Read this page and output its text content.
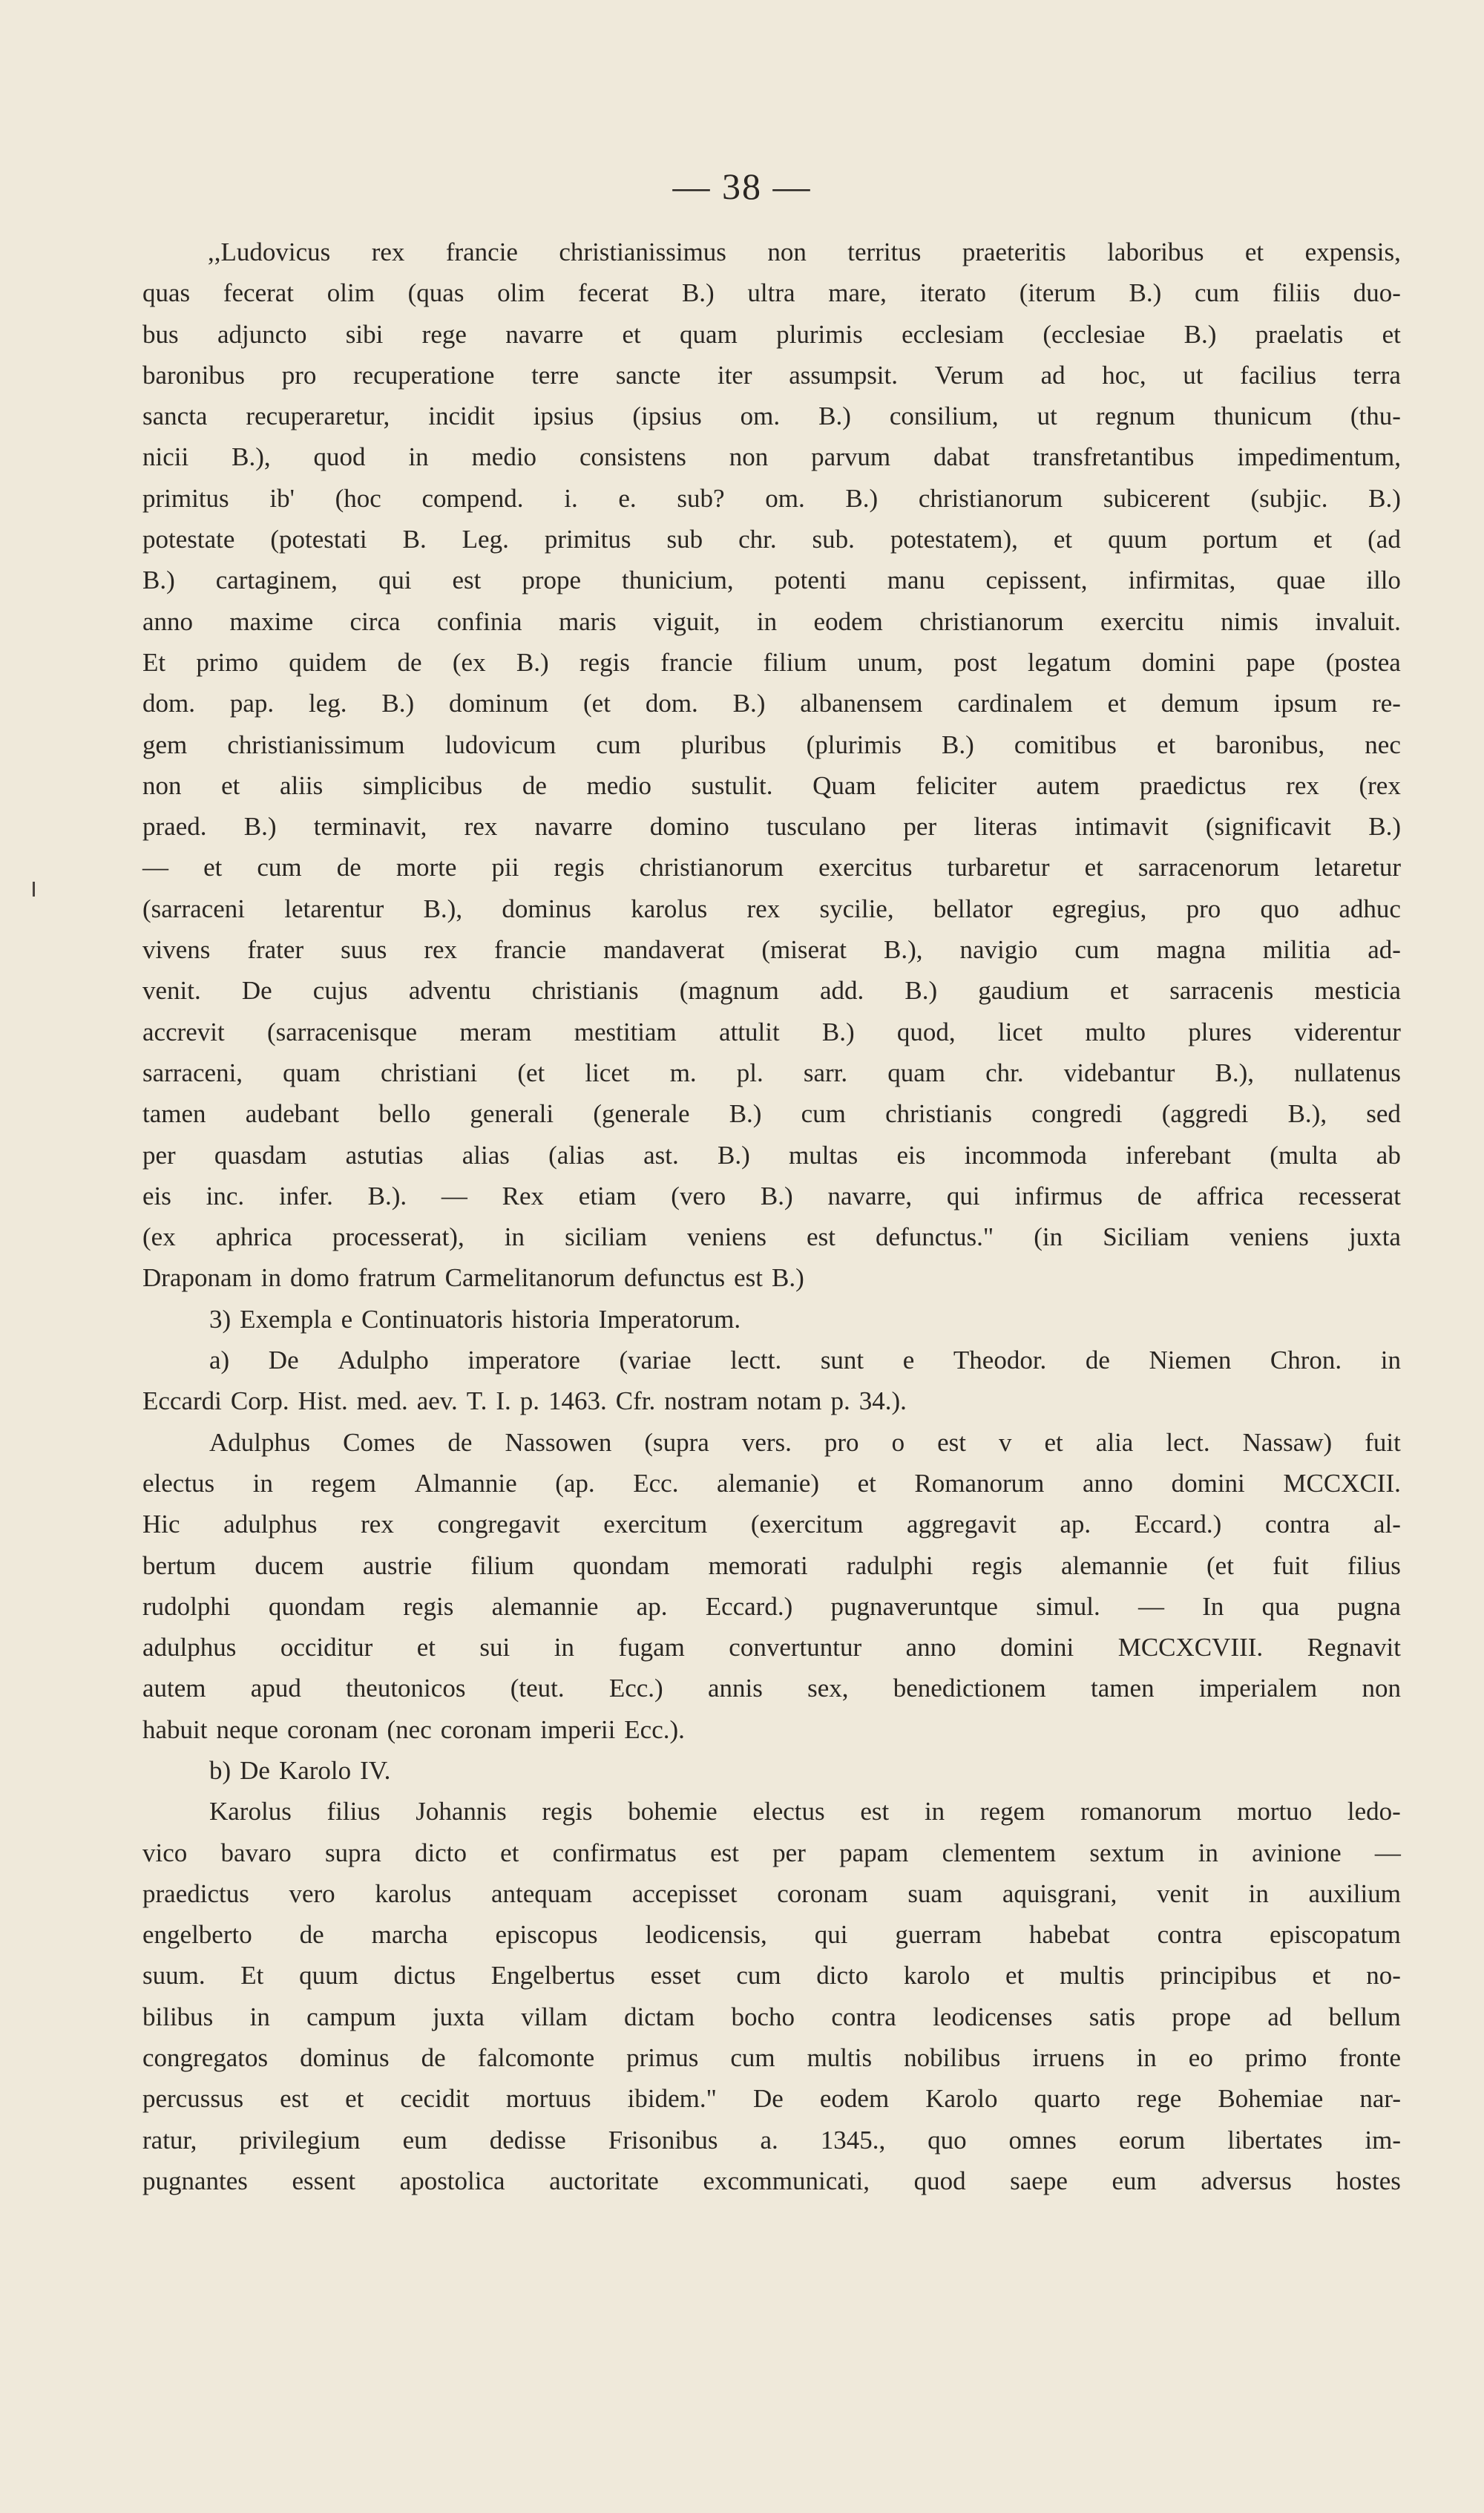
— 38 —
,,Ludovicus rex francie christianissimus non territus praeteritis laboribus et expensis,
quas fecerat olim (quas olim fecerat B.) ultra mare, iterato (iterum B.) cum filiis duo-
bus adjuncto sibi rege navarre et quam plurimis ecclesiam (ecclesiae B.) praelatis et
baronibus pro recuperatione terre sancte iter assumpsit. Verum ad hoc, ut facilius terra
sancta recuperaretur, incidit ipsius (ipsius om. B.) consilium, ut regnum thunicum (thu-
nicii B.), quod in medio consistens non parvum dabat transfretantibus impedimentum,
primitus ib' (hoc compend. i. e. sub? om. B.) christianorum subicerent (subjic. B.)
potestate (potestati B. Leg. primitus sub chr. sub. potestatem), et quum portum et (ad
B.) cartaginem, qui est prope thunicium, potenti manu cepissent, infirmitas, quae illo
anno maxime circa confinia maris viguit, in eodem christianorum exercitu nimis invaluit.
Et primo quidem de (ex B.) regis francie filium unum, post legatum domini pape (postea
dom. pap. leg. B.) dominum (et dom. B.) albanensem cardinalem et demum ipsum re-
gem christianissimum ludovicum cum pluribus (plurimis B.) comitibus et baronibus, nec
non et aliis simplicibus de medio sustulit. Quam feliciter autem praedictus rex (rex
praed. B.) terminavit, rex navarre domino tusculano per literas intimavit (significavit B.)
— et cum de morte pii regis christianorum exercitus turbaretur et sarracenorum letaretur
(sarraceni letarentur B.), dominus karolus rex sycilie, bellator egregius, pro quo adhuc
vivens frater suus rex francie mandaverat (miserat B.), navigio cum magna militia ad-
venit. De cujus adventu christianis (magnum add. B.) gaudium et sarracenis mesticia
accrevit (sarracenisque meram mestitiam attulit B.) quod, licet multo plures viderentur
sarraceni, quam christiani (et licet m. pl. sarr. quam chr. videbantur B.), nullatenus
tamen audebant bello generali (generale B.) cum christianis congredi (aggredi B.), sed
per quasdam astutias alias (alias ast. B.) multas eis incommoda inferebant (multa ab
eis inc. infer. B.). — Rex etiam (vero B.) navarre, qui infirmus de affrica recesserat
(ex aphrica processerat), in siciliam veniens est defunctus." (in Siciliam veniens juxta
Draponam in domo fratrum Carmelitanorum defunctus est B.)
3) Exempla e Continuatoris historia Imperatorum.
a) De Adulpho imperatore (variae lectt. sunt e Theodor. de Niemen Chron. in
Eccardi Corp. Hist. med. aev. T. I. p. 1463. Cfr. nostram notam p. 34.).
Adulphus Comes de Nassowen (supra vers. pro o est v et alia lect. Nassaw) fuit
electus in regem Almannie (ap. Ecc. alemanie) et Romanorum anno domini MCCXCII.
Hic adulphus rex congregavit exercitum (exercitum aggregavit ap. Eccard.) contra al-
bertum ducem austrie filium quondam memorati radulphi regis alemannie (et fuit filius
rudolphi quondam regis alemannie ap. Eccard.) pugnaveruntque simul. — In qua pugna
adulphus occiditur et sui in fugam convertuntur anno domini MCCXCVIII. Regnavit
autem apud theutonicos (teut. Ecc.) annis sex, benedictionem tamen imperialem non
habuit neque coronam (nec coronam imperii Ecc.).
b) De Karolo IV.
Karolus filius Johannis regis bohemie electus est in regem romanorum mortuo ledo-
vico bavaro supra dicto et confirmatus est per papam clementem sextum in avinione —
praedictus vero karolus antequam accepisset coronam suam aquisgrani, venit in auxilium
engelberto de marcha episcopus leodicensis, qui guerram habebat contra episcopatum
suum. Et quum dictus Engelbertus esset cum dicto karolo et multis principibus et no-
bilibus in campum juxta villam dictam bocho contra leodicenses satis prope ad bellum
congregatos dominus de falcomonte primus cum multis nobilibus irruens in eo primo fronte
percussus est et cecidit mortuus ibidem." De eodem Karolo quarto rege Bohemiae nar-
ratur, privilegium eum dedisse Frisonibus a. 1345., quo omnes eorum libertates im-
pugnantes essent apostolica auctoritate excommunicati, quod saepe eum adversus hostes
